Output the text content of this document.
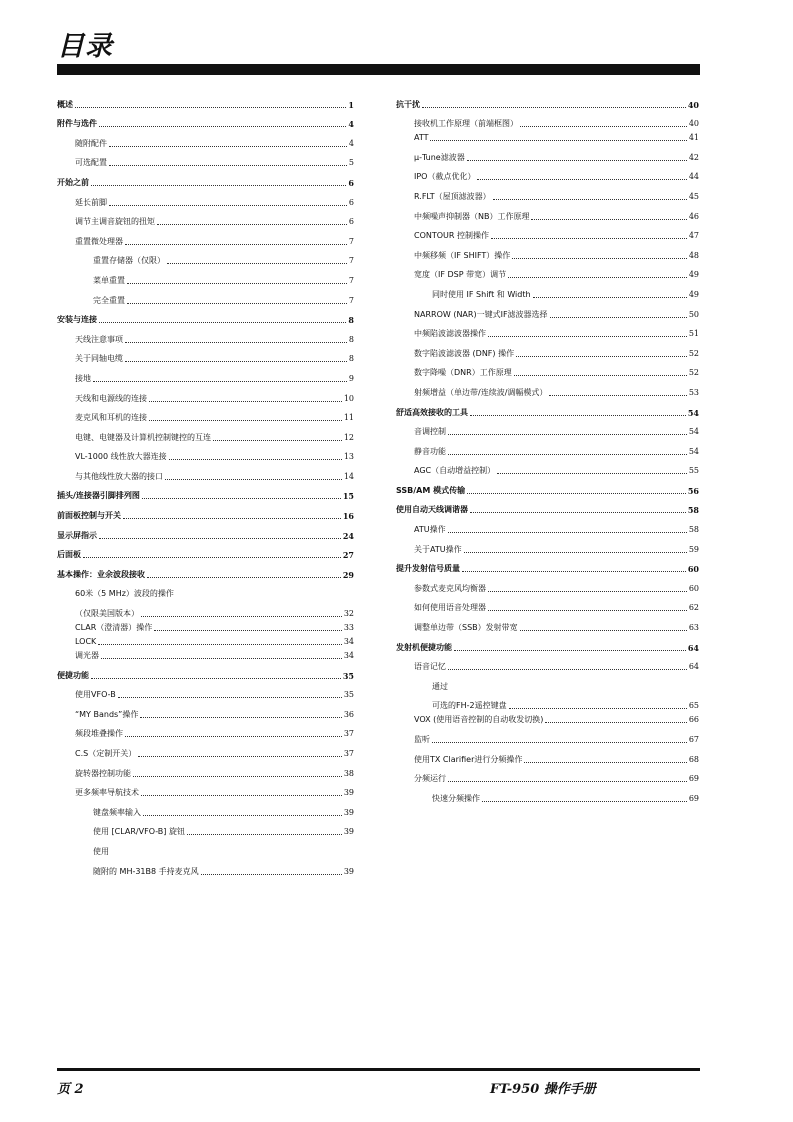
目录
概述	1
附件与选件	4
随附配件	4
可选配置	5
开始之前	6
延长前脚	6
调节主调音旋钮的扭矩	6
重置微处理器	7
重置存储器（仅限）	7
菜单重置	7
完全重置	7
安装与连接	8
天线注意事项	8
关于同轴电缆	8
接地	9
天线和电源线的连接	10
麦克风和耳机的连接	11
电键、电键器及计算机控制键控的互连	12
VL-1000 线性放大器连接	13
与其他线性放大器的接口	14
插头/连接器引脚排列图	15
前面板控制与开关	16
显示屏指示	24
后面板	27
基本操作：业余波段接收	29
60米（5 MHz）波段的操作
（仅限美国版本）	32
CLAR（澄清器）操作	33
LOCK	34
调光器	34
便捷功能	35
使用VFO-B	35
“MY Bands”操作	36
频段堆叠操作	37
C.S（定制开关）	37
旋转器控制功能	38
更多频率导航技术	39
键盘频率输入	39
使用 [CLAR/VFO-B] 旋钮	39
使用
随附的 MH-31B8 手持麦克风	39
抗干扰	40
接收机工作原理（前端框图）	40
ATT	41
μ-Tune滤波器	42
IPO（截点优化）	44
R.FLT（屋顶滤波器）	45
中频噪声抑制器（NB）工作原理	46
CONTOUR 控制操作	47
中频移频（IF SHIFT）操作	48
宽度（IF DSP 带宽）调节	49
同时使用 IF Shift 和 Width	49
NARROW (NAR)一键式IF滤波器选择	50
中频陷波滤波器操作	51
数字陷波滤波器 (DNF) 操作	52
数字降噪（DNR）工作原理	52
射频增益（单边带/连续波/调幅模式）	53
舒适高效接收的工具	54
音调控制	54
静音功能	54
AGC（自动增益控制）	55
SSB/AM 模式传输	56
使用自动天线调谐器	58
ATU操作	58
关于ATU操作	59
提升发射信号质量	60
参数式麦克风均衡器	60
如何使用语音处理器	62
调整单边带（SSB）发射带宽	63
发射机便捷功能	64
语音记忆	64
通过
可选的FH-2遥控键盘	65
VOX (使用语音控制的自动收发切换)	66
监听	67
使用TX Clarifier进行分频操作	68
分频运行	69
快速分频操作	69
页 2	FT-950 操作手册
